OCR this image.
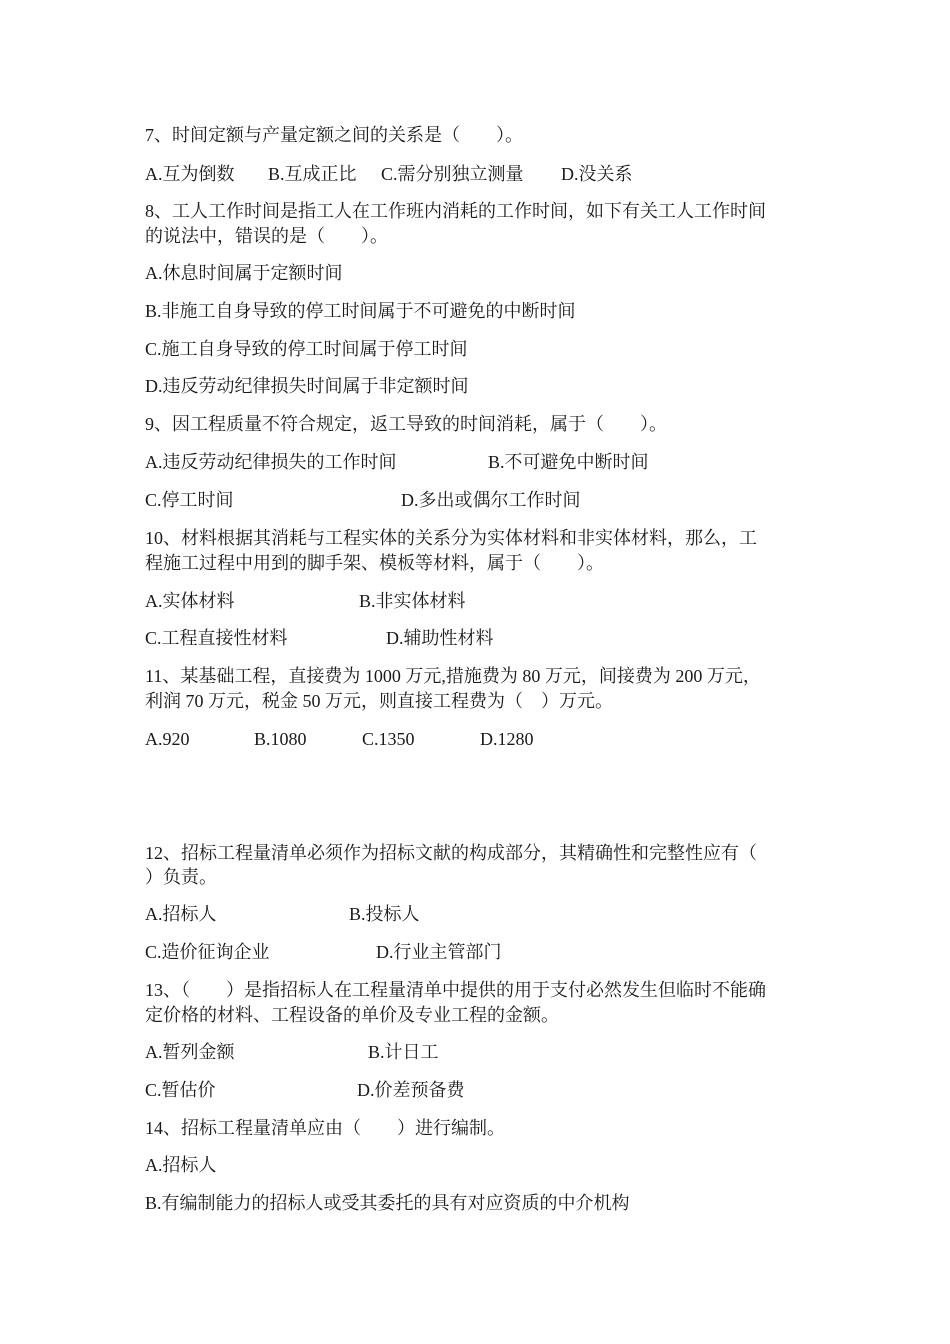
7、时间定额与产量定额之间的关系是（　　）。
A.互为倒数 B.互成正比 C.需分别独立测量 D.没关系
8、工人工作时间是指工人在工作班内消耗的工作时间，如下有关工人工作时间
的说法中，错误的是（　　）。
A.休息时间属于定额时间
B.非施工自身导致的停工时间属于不可避免的中断时间
C.施工自身导致的停工时间属于停工时间
D.违反劳动纪律损失时间属于非定额时间
9、因工程质量不符合规定，返工导致的时间消耗，属于（　　）。
A.违反劳动纪律损失的工作时间	B.不可避免中断时间
C.停工时间	D.多出或偶尔工作时间
10、材料根据其消耗与工程实体的关系分为实体材料和非实体材料，那么，工
程施工过程中用到的脚手架、模板等材料，属于（　　）。
A.实体材料	B.非实体材料
C.工程直接性材料	D.辅助性材料
11、某基础工程，直接费为 1000 万元,措施费为 80 万元，间接费为 200 万元，
利润 70 万元，税金 50 万元，则直接工程费为（　）万元。
A.920	B.1080	C.1350	D.1280
12、招标工程量清单必须作为招标文献的构成部分，其精确性和完整性应有（
）负责。
A.招标人	B.投标人
C.造价征询企业	D.行业主管部门
13、（　　）是指招标人在工程量清单中提供的用于支付必然发生但临时不能确
定价格的材料、工程设备的单价及专业工程的金额。
A.暂列金额	B.计日工
C.暂估价	D.价差预备费
14、招标工程量清单应由（　　）进行编制。
A.招标人
B.有编制能力的招标人或受其委托的具有对应资质的中介机构
